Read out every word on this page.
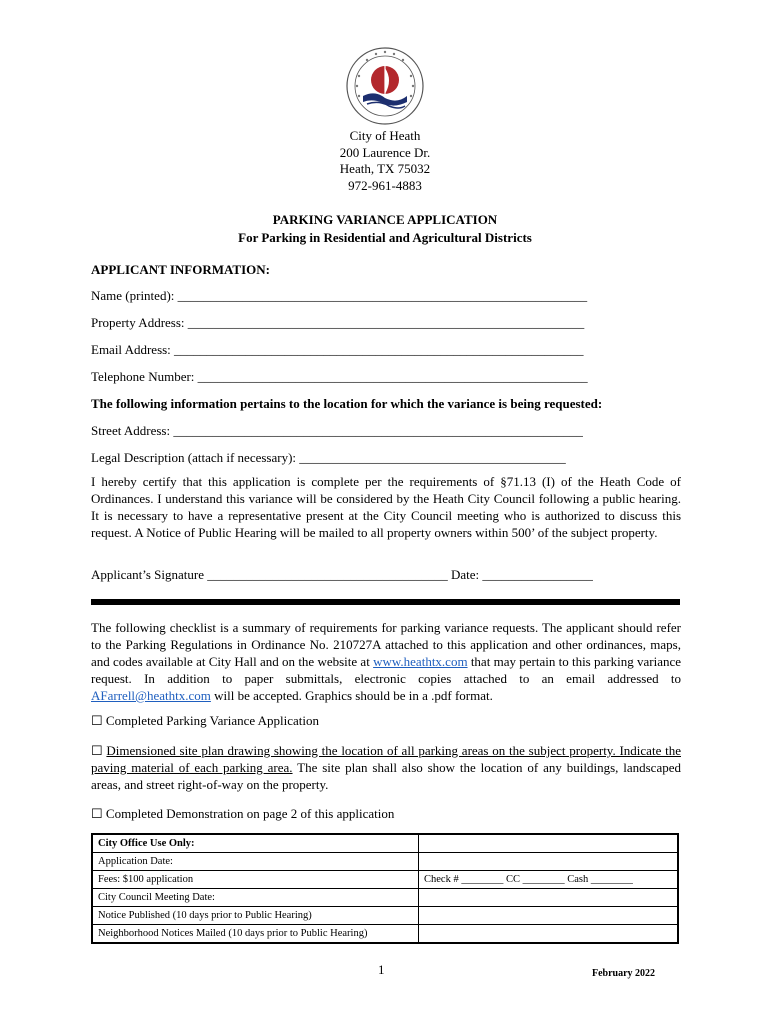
City of Heath
200 Laurence Dr.
Heath, TX 75032
972-961-4883
PARKING VARIANCE APPLICATION
For Parking in Residential and Agricultural Districts
APPLICANT INFORMATION:
Name (printed): _______________________________________________________________
Property Address: _____________________________________________________________
Email Address: _______________________________________________________________
Telephone Number: ____________________________________________________________
The following information pertains to the location for which the variance is being requested:
Street Address: _______________________________________________________________
Legal Description (attach if necessary): _________________________________________
I hereby certify that this application is complete per the requirements of §71.13 (I) of the Heath Code of Ordinances. I understand this variance will be considered by the Heath City Council following a public hearing. It is necessary to have a representative present at the City Council meeting who is authorized to discuss this request. A Notice of Public Hearing will be mailed to all property owners within 500’ of the subject property.
Applicant’s Signature _____________________________________ Date: _________________
The following checklist is a summary of requirements for parking variance requests. The applicant should refer to the Parking Regulations in Ordinance No. 210727A attached to this application and other ordinances, maps, and codes available at City Hall and on the website at www.heathtx.com that may pertain to this parking variance request. In addition to paper submittals, electronic copies attached to an email addressed to AFarrell@heathtx.com will be accepted. Graphics should be in a .pdf format.
☐ Completed Parking Variance Application
☐ Dimensioned site plan drawing showing the location of all parking areas on the subject property. Indicate the paving material of each parking area. The site plan shall also show the location of any buildings, landscaped areas, and street right-of-way on the property.
☐ Completed Demonstration on page 2 of this application
City Office Use Only:	
Application Date:	
Fees: $100 application	Check # ________ CC ________ Cash ________
City Council Meeting Date:	
Notice Published (10 days prior to Public Hearing)	
Neighborhood Notices Mailed (10 days prior to Public Hearing)	
1	February 2022
